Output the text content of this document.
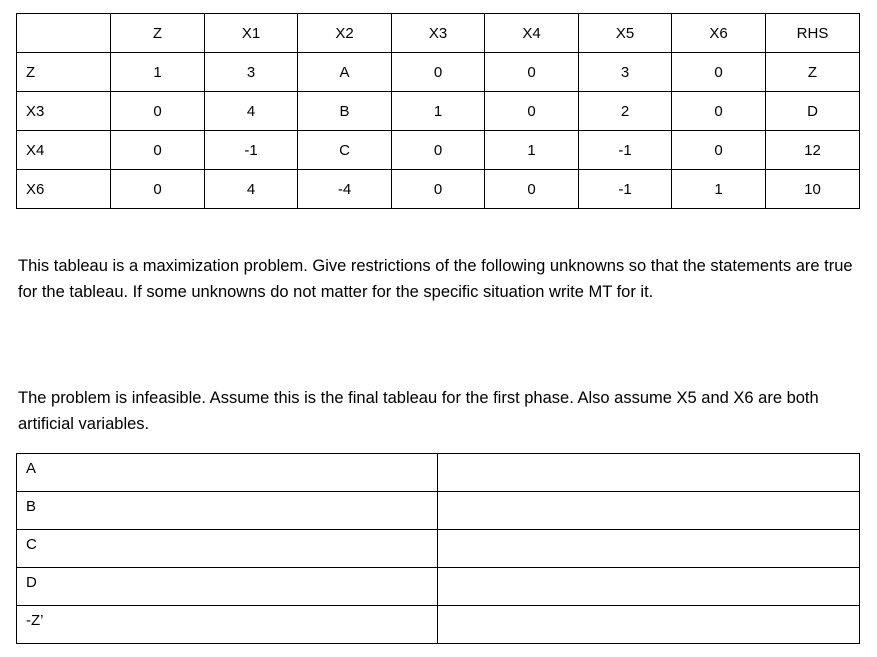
	Z	X1	X2	X3	X4	X5	X6	RHS
Z	1	3	A	0	0	3	0	Z
X3	0	4	B	1	0	2	0	D
X4	0	-1	C	0	1	-1	0	12
X6	0	4	-4	0	0	-1	1	10

This tableau is a maximization problem. Give restrictions of the following unknowns so that the statements are true for the tableau. If some unknowns do not matter for the specific situation write MT for it.

The problem is infeasible. Assume this is the final tableau for the first phase. Also assume X5 and X6 are both artificial variables.

A	
B	
C	
D	
-Z’	
